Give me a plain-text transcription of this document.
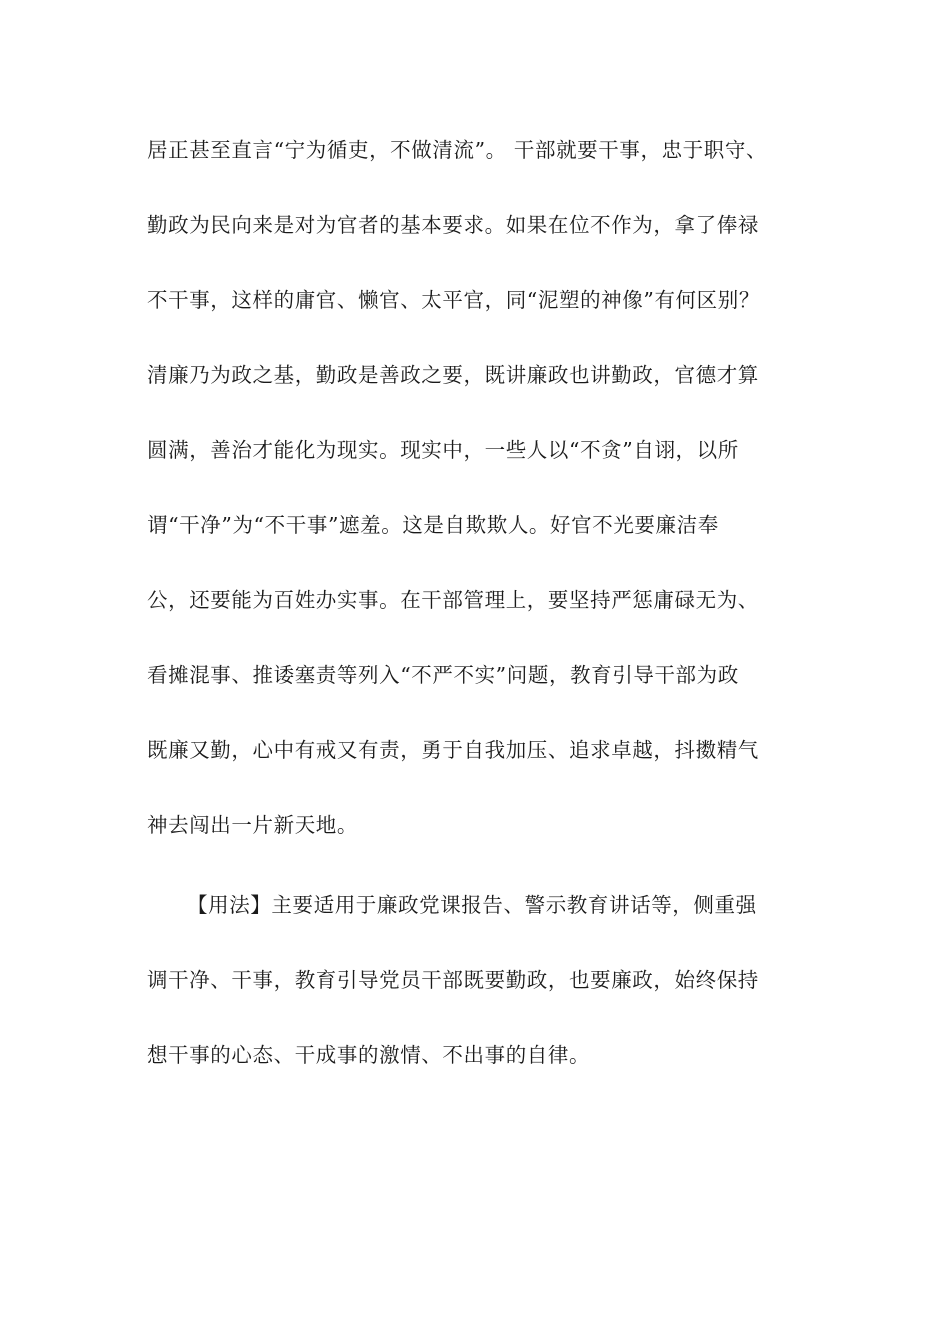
居正甚至直言“宁为循吏，不做清流”。 干部就要干事，忠于职守、
勤政为民向来是对为官者的基本要求。如果在位不作为，拿了俸禄
不干事，这样的庸官、懒官、太平官，同“泥塑的神像”有何区别？
清廉乃为政之基，勤政是善政之要，既讲廉政也讲勤政，官德才算
圆满，善治才能化为现实。现实中，一些人以“不贪”自诩，以所
谓“干净”为“不干事”遮羞。这是自欺欺人。好官不光要廉洁奉
公，还要能为百姓办实事。在干部管理上，要坚持严惩庸碌无为、
看摊混事、推诿塞责等列入“不严不实”问题，教育引导干部为政
既廉又勤，心中有戒又有责，勇于自我加压、追求卓越，抖擞精气
神去闯出一片新天地。
【用法】主要适用于廉政党课报告、警示教育讲话等，侧重强
调干净、干事，教育引导党员干部既要勤政，也要廉政，始终保持
想干事的心态、干成事的激情、不出事的自律。
